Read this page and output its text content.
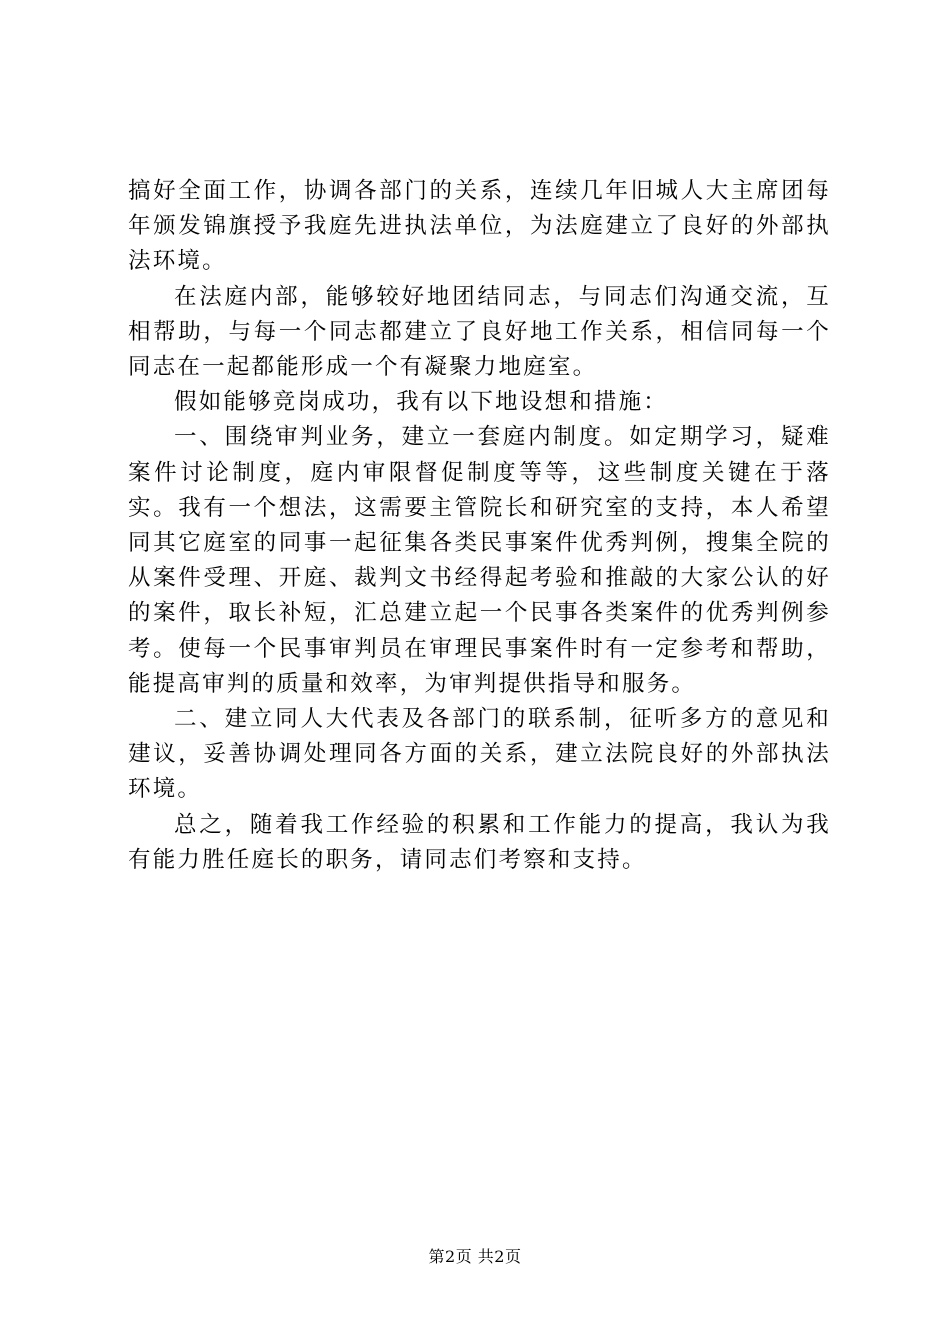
搞好全面工作，协调各部门的关系，连续几年旧城人大主席团每年颁发锦旗授予我庭先进执法单位，为法庭建立了良好的外部执法环境。

在法庭内部，能够较好地团结同志，与同志们沟通交流，互相帮助，与每一个同志都建立了良好地工作关系，相信同每一个同志在一起都能形成一个有凝聚力地庭室。

假如能够竞岗成功，我有以下地设想和措施：

一、围绕审判业务，建立一套庭内制度。如定期学习，疑难案件讨论制度，庭内审限督促制度等等，这些制度关键在于落实。我有一个想法，这需要主管院长和研究室的支持，本人希望同其它庭室的同事一起征集各类民事案件优秀判例，搜集全院的从案件受理、开庭、裁判文书经得起考验和推敲的大家公认的好的案件，取长补短，汇总建立起一个民事各类案件的优秀判例参考。使每一个民事审判员在审理民事案件时有一定参考和帮助，能提高审判的质量和效率，为审判提供指导和服务。

二、建立同人大代表及各部门的联系制，征听多方的意见和建议，妥善协调处理同各方面的关系，建立法院良好的外部执法环境。

总之，随着我工作经验的积累和工作能力的提高，我认为我有能力胜任庭长的职务，请同志们考察和支持。

第2页 共2页
